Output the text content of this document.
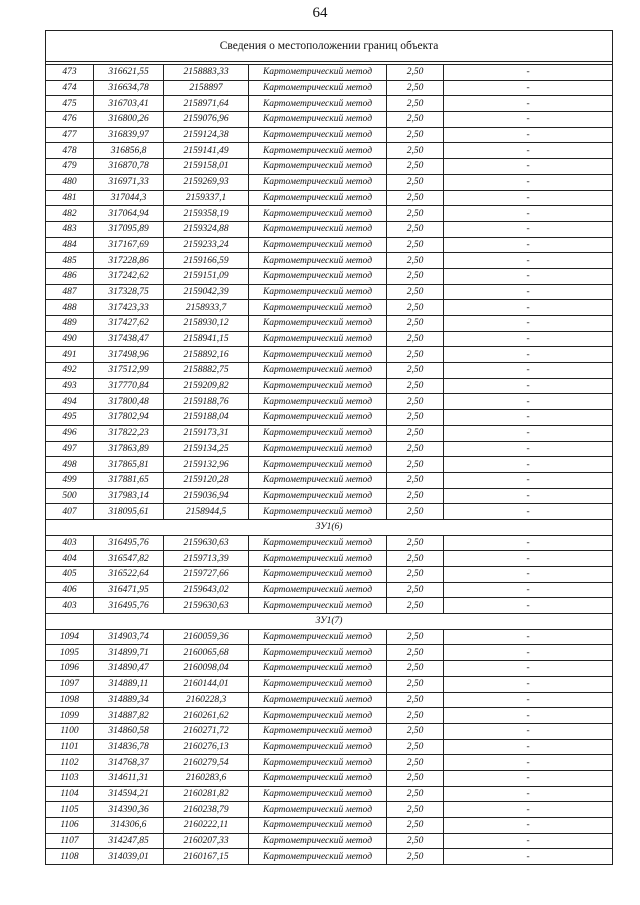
64
Сведения о местоположении границ объекта					

473	316621,55	2158883,33	Картометрический метод	2,50	-
474	316634,78	2158897	Картометрический метод	2,50	-
475	316703,41	2158971,64	Картометрический метод	2,50	-
476	316800,26	2159076,96	Картометрический метод	2,50	-
477	316839,97	2159124,38	Картометрический метод	2,50	-
478	316856,8	2159141,49	Картометрический метод	2,50	-
479	316870,78	2159158,01	Картометрический метод	2,50	-
480	316971,33	2159269,93	Картометрический метод	2,50	-
481	317044,3	2159337,1	Картометрический метод	2,50	-
482	317064,94	2159358,19	Картометрический метод	2,50	-
483	317095,89	2159324,88	Картометрический метод	2,50	-
484	317167,69	2159233,24	Картометрический метод	2,50	-
485	317228,86	2159166,59	Картометрический метод	2,50	-
486	317242,62	2159151,09	Картометрический метод	2,50	-
487	317328,75	2159042,39	Картометрический метод	2,50	-
488	317423,33	2158933,7	Картометрический метод	2,50	-
489	317427,62	2158930,12	Картометрический метод	2,50	-
490	317438,47	2158941,15	Картометрический метод	2,50	-
491	317498,96	2158892,16	Картометрический метод	2,50	-
492	317512,99	2158882,75	Картометрический метод	2,50	-
493	317770,84	2159209,82	Картометрический метод	2,50	-
494	317800,48	2159188,76	Картометрический метод	2,50	-
495	317802,94	2159188,04	Картометрический метод	2,50	-
496	317822,23	2159173,31	Картометрический метод	2,50	-
497	317863,89	2159134,25	Картометрический метод	2,50	-
498	317865,81	2159132,96	Картометрический метод	2,50	-
499	317881,65	2159120,28	Картометрический метод	2,50	-
500	317983,14	2159036,94	Картометрический метод	2,50	-
407	318095,61	2158944,5	Картометрический метод	2,50	-
ЗУ1(6)					
403	316495,76	2159630,63	Картометрический метод	2,50	-
404	316547,82	2159713,39	Картометрический метод	2,50	-
405	316522,64	2159727,66	Картометрический метод	2,50	-
406	316471,95	2159643,02	Картометрический метод	2,50	-
403	316495,76	2159630,63	Картометрический метод	2,50	-
ЗУ1(7)					
1094	314903,74	2160059,36	Картометрический метод	2,50	-
1095	314899,71	2160065,68	Картометрический метод	2,50	-
1096	314890,47	2160098,04	Картометрический метод	2,50	-
1097	314889,11	2160144,01	Картометрический метод	2,50	-
1098	314889,34	2160228,3	Картометрический метод	2,50	-
1099	314887,82	2160261,62	Картометрический метод	2,50	-
1100	314860,58	2160271,72	Картометрический метод	2,50	-
1101	314836,78	2160276,13	Картометрический метод	2,50	-
1102	314768,37	2160279,54	Картометрический метод	2,50	-
1103	314611,31	2160283,6	Картометрический метод	2,50	-
1104	314594,21	2160281,82	Картометрический метод	2,50	-
1105	314390,36	2160238,79	Картометрический метод	2,50	-
1106	314306,6	2160222,11	Картометрический метод	2,50	-
1107	314247,85	2160207,33	Картометрический метод	2,50	-
1108	314039,01	2160167,15	Картометрический метод	2,50	-
